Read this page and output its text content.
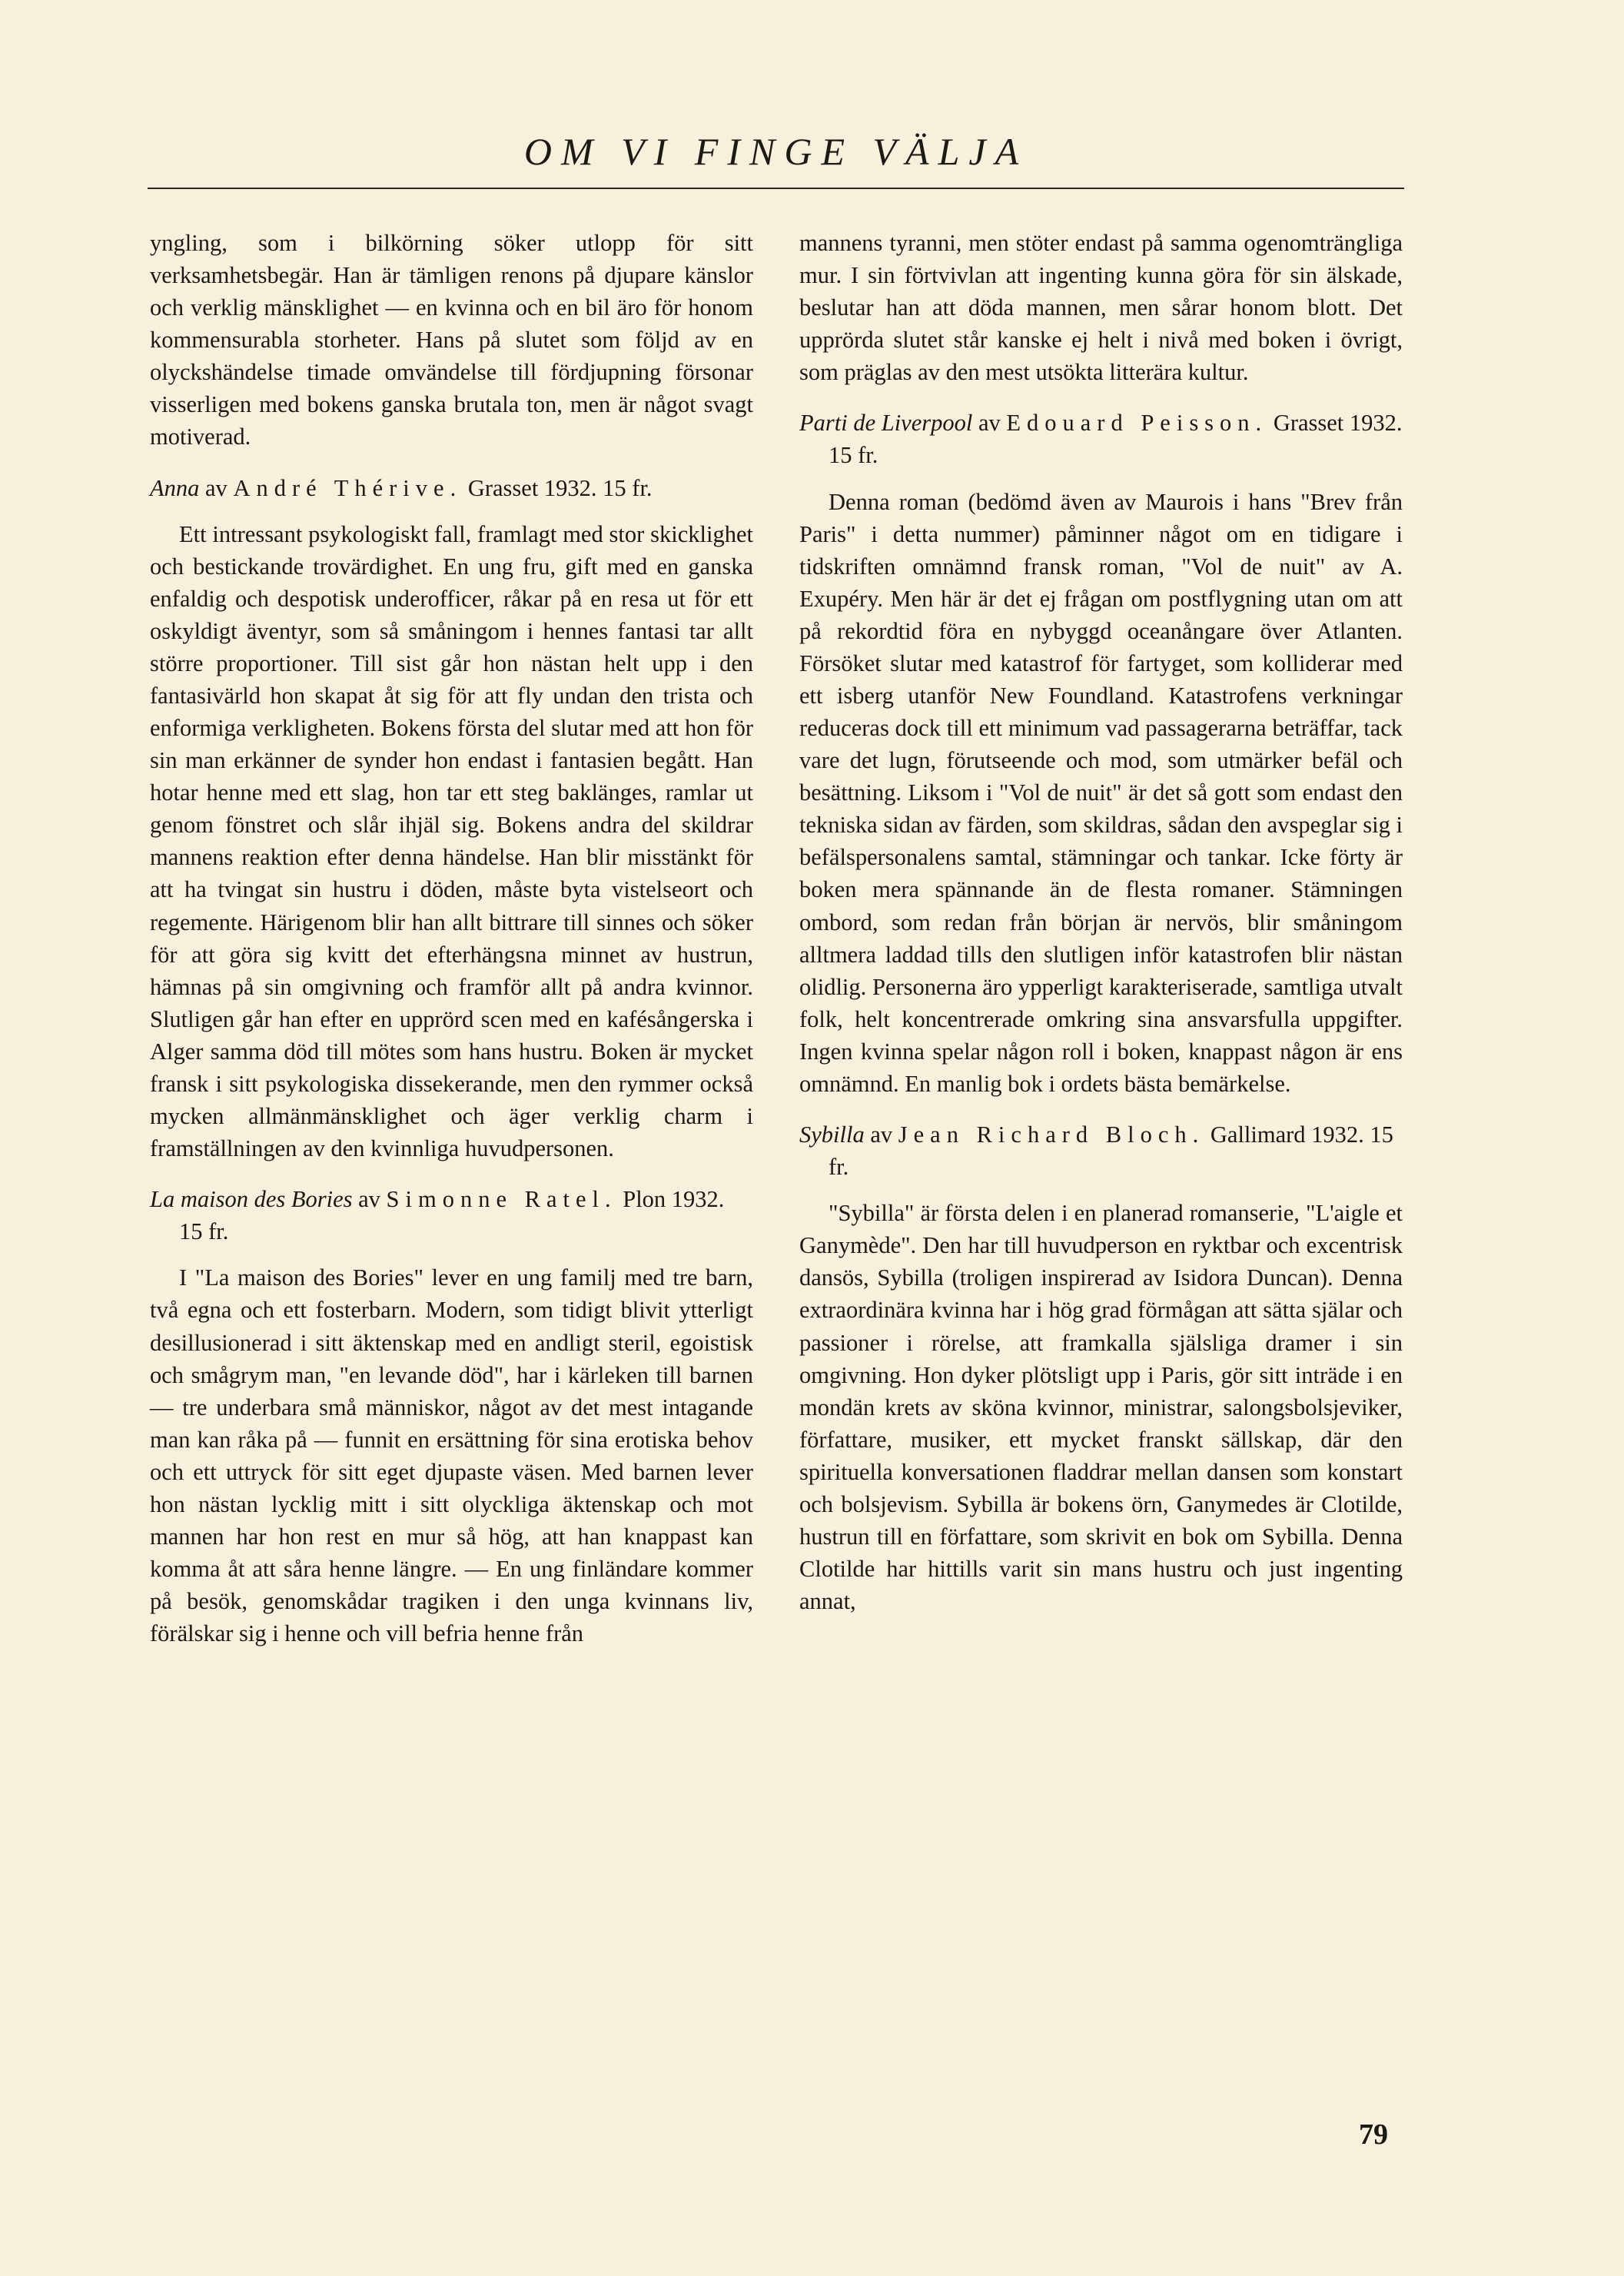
OM VI FINGE VÄLJA

yngling, som i bilkörning söker utlopp för sitt verksamhetsbegär. Han är tämligen renons på djupare känslor och verklig mänsklighet — en kvinna och en bil äro för honom kommensurabla storheter. Hans på slutet som följd av en olyckshändelse timade omvändelse till fördjupning försonar visserligen med bokens ganska brutala ton, men är något svagt motiverad.

Anna av André Thérive. Grasset 1932. 15 fr.

Ett intressant psykologiskt fall, framlagt med stor skicklighet och bestickande trovärdighet. En ung fru, gift med en ganska enfaldig och despotisk underofficer, råkar på en resa ut för ett oskyldigt äventyr, som så småningom i hennes fantasi tar allt större proportioner. Till sist går hon nästan helt upp i den fantasivärld hon skapat åt sig för att fly undan den trista och enformiga verkligheten. Bokens första del slutar med att hon för sin man erkänner de synder hon endast i fantasien begått. Han hotar henne med ett slag, hon tar ett steg baklänges, ramlar ut genom fönstret och slår ihjäl sig. Bokens andra del skildrar mannens reaktion efter denna händelse. Han blir misstänkt för att ha tvingat sin hustru i döden, måste byta vistelseort och regemente. Härigenom blir han allt bittrare till sinnes och söker för att göra sig kvitt det efterhängsna minnet av hustrun, hämnas på sin omgivning och framför allt på andra kvinnor. Slutligen går han efter en upprörd scen med en kafésångerska i Alger samma död till mötes som hans hustru. Boken är mycket fransk i sitt psykologiska dissekerande, men den rymmer också mycken allmänmänsklighet och äger verklig charm i framställningen av den kvinnliga huvudpersonen.

La maison des Bories av Simonne Ratel. Plon 1932. 15 fr.

I "La maison des Bories" lever en ung familj med tre barn, två egna och ett fosterbarn. Modern, som tidigt blivit ytterligt desillusionerad i sitt äktenskap med en andligt steril, egoistisk och smågrym man, "en levande död", har i kärleken till barnen — tre underbara små människor, något av det mest intagande man kan råka på — funnit en ersättning för sina erotiska behov och ett uttryck för sitt eget djupaste väsen. Med barnen lever hon nästan lycklig mitt i sitt olyckliga äktenskap och mot mannen har hon rest en mur så hög, att han knappast kan komma åt att såra henne längre. — En ung finländare kommer på besök, genomskådar tragiken i den unga kvinnans liv, förälskar sig i henne och vill befria henne från

mannens tyranni, men stöter endast på samma ogenomträngliga mur. I sin förtvivlan att ingenting kunna göra för sin älskade, beslutar han att döda mannen, men sårar honom blott. Det upprörda slutet står kanske ej helt i nivå med boken i övrigt, som präglas av den mest utsökta litterära kultur.

Parti de Liverpool av Edouard Peisson. Grasset 1932. 15 fr.

Denna roman (bedömd även av Maurois i hans "Brev från Paris" i detta nummer) påminner något om en tidigare i tidskriften omnämnd fransk roman, "Vol de nuit" av A. Exupéry. Men här är det ej frågan om postflygning utan om att på rekordtid föra en nybyggd oceanångare över Atlanten. Försöket slutar med katastrof för fartyget, som kolliderar med ett isberg utanför New Foundland. Katastrofens verkningar reduceras dock till ett minimum vad passagerarna beträffar, tack vare det lugn, förutseende och mod, som utmärker befäl och besättning. Liksom i "Vol de nuit" är det så gott som endast den tekniska sidan av färden, som skildras, sådan den avspeglar sig i befälspersonalens samtal, stämningar och tankar. Icke förty är boken mera spännande än de flesta romaner. Stämningen ombord, som redan från början är nervös, blir småningom alltmera laddad tills den slutligen inför katastrofen blir nästan olidlig. Personerna äro ypperligt karakteriserade, samtliga utvalt folk, helt koncentrerade omkring sina ansvarsfulla uppgifter. Ingen kvinna spelar någon roll i boken, knappast någon är ens omnämnd. En manlig bok i ordets bästa bemärkelse.

Sybilla av Jean Richard Bloch. Gallimard 1932. 15 fr.

"Sybilla" är första delen i en planerad romanserie, "L'aigle et Ganymède". Den har till huvudperson en ryktbar och excentrisk dansös, Sybilla (troligen inspirerad av Isidora Duncan). Denna extraordinära kvinna har i hög grad förmågan att sätta själar och passioner i rörelse, att framkalla själsliga dramer i sin omgivning. Hon dyker plötsligt upp i Paris, gör sitt inträde i en mondän krets av sköna kvinnor, ministrar, salongsbolsjeviker, författare, musiker, ett mycket franskt sällskap, där den spirituella konversationen fladdrar mellan dansen som konstart och bolsjevism. Sybilla är bokens örn, Ganymedes är Clotilde, hustrun till en författare, som skrivit en bok om Sybilla. Denna Clotilde har hittills varit sin mans hustru och just ingenting annat,

79
